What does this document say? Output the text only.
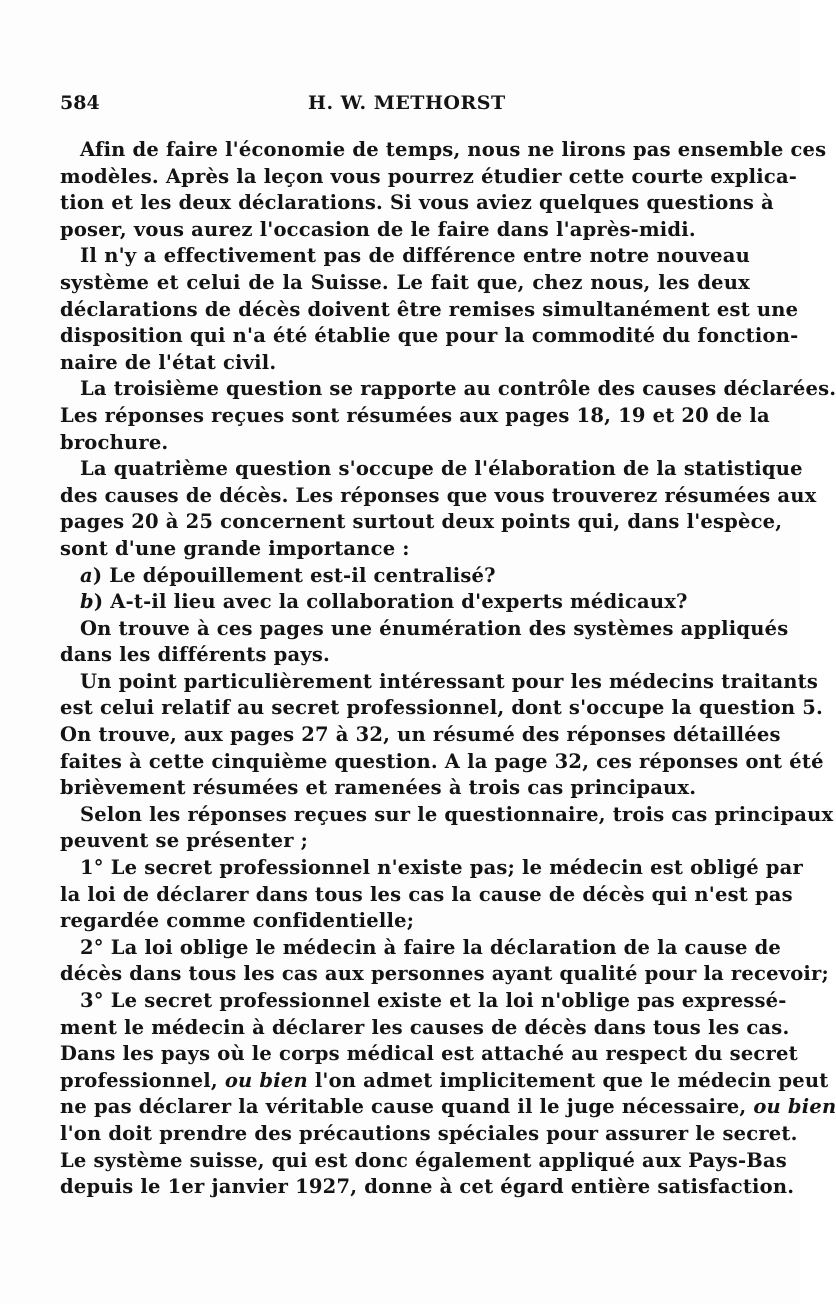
584	H. W. METHORST
Afin de faire l'économie de temps, nous ne lirons pas ensemble ces
modèles. Après la leçon vous pourrez étudier cette courte explica-
tion et les deux déclarations. Si vous aviez quelques questions à
poser, vous aurez l'occasion de le faire dans l'après-midi.
Il n'y a effectivement pas de différence entre notre nouveau
système et celui de la Suisse. Le fait que, chez nous, les deux
déclarations de décès doivent être remises simultanément est une
disposition qui n'a été établie que pour la commodité du fonction-
naire de l'état civil.
La troisième question se rapporte au contrôle des causes déclarées.
Les réponses reçues sont résumées aux pages 18, 19 et 20 de la
brochure.
La quatrième question s'occupe de l'élaboration de la statistique
des causes de décès. Les réponses que vous trouverez résumées aux
pages 20 à 25 concernent surtout deux points qui, dans l'espèce,
sont d'une grande importance :
a) Le dépouillement est-il centralisé?
b) A-t-il lieu avec la collaboration d'experts médicaux?
On trouve à ces pages une énumération des systèmes appliqués
dans les différents pays.
Un point particulièrement intéressant pour les médecins traitants
est celui relatif au secret professionnel, dont s'occupe la question 5.
On trouve, aux pages 27 à 32, un résumé des réponses détaillées
faites à cette cinquième question. A la page 32, ces réponses ont été
brièvement résumées et ramenées à trois cas principaux.
Selon les réponses reçues sur le questionnaire, trois cas principaux
peuvent se présenter ;
1° Le secret professionnel n'existe pas; le médecin est obligé par
la loi de déclarer dans tous les cas la cause de décès qui n'est pas
regardée comme confidentielle;
2° La loi oblige le médecin à faire la déclaration de la cause de
décès dans tous les cas aux personnes ayant qualité pour la recevoir;
3° Le secret professionnel existe et la loi n'oblige pas expressé-
ment le médecin à déclarer les causes de décès dans tous les cas.
Dans les pays où le corps médical est attaché au respect du secret
professionnel, ou bien l'on admet implicitement que le médecin peut
ne pas déclarer la véritable cause quand il le juge nécessaire, ou bien
l'on doit prendre des précautions spéciales pour assurer le secret.
Le système suisse, qui est donc également appliqué aux Pays-Bas
depuis le 1er janvier 1927, donne à cet égard entière satisfaction.
